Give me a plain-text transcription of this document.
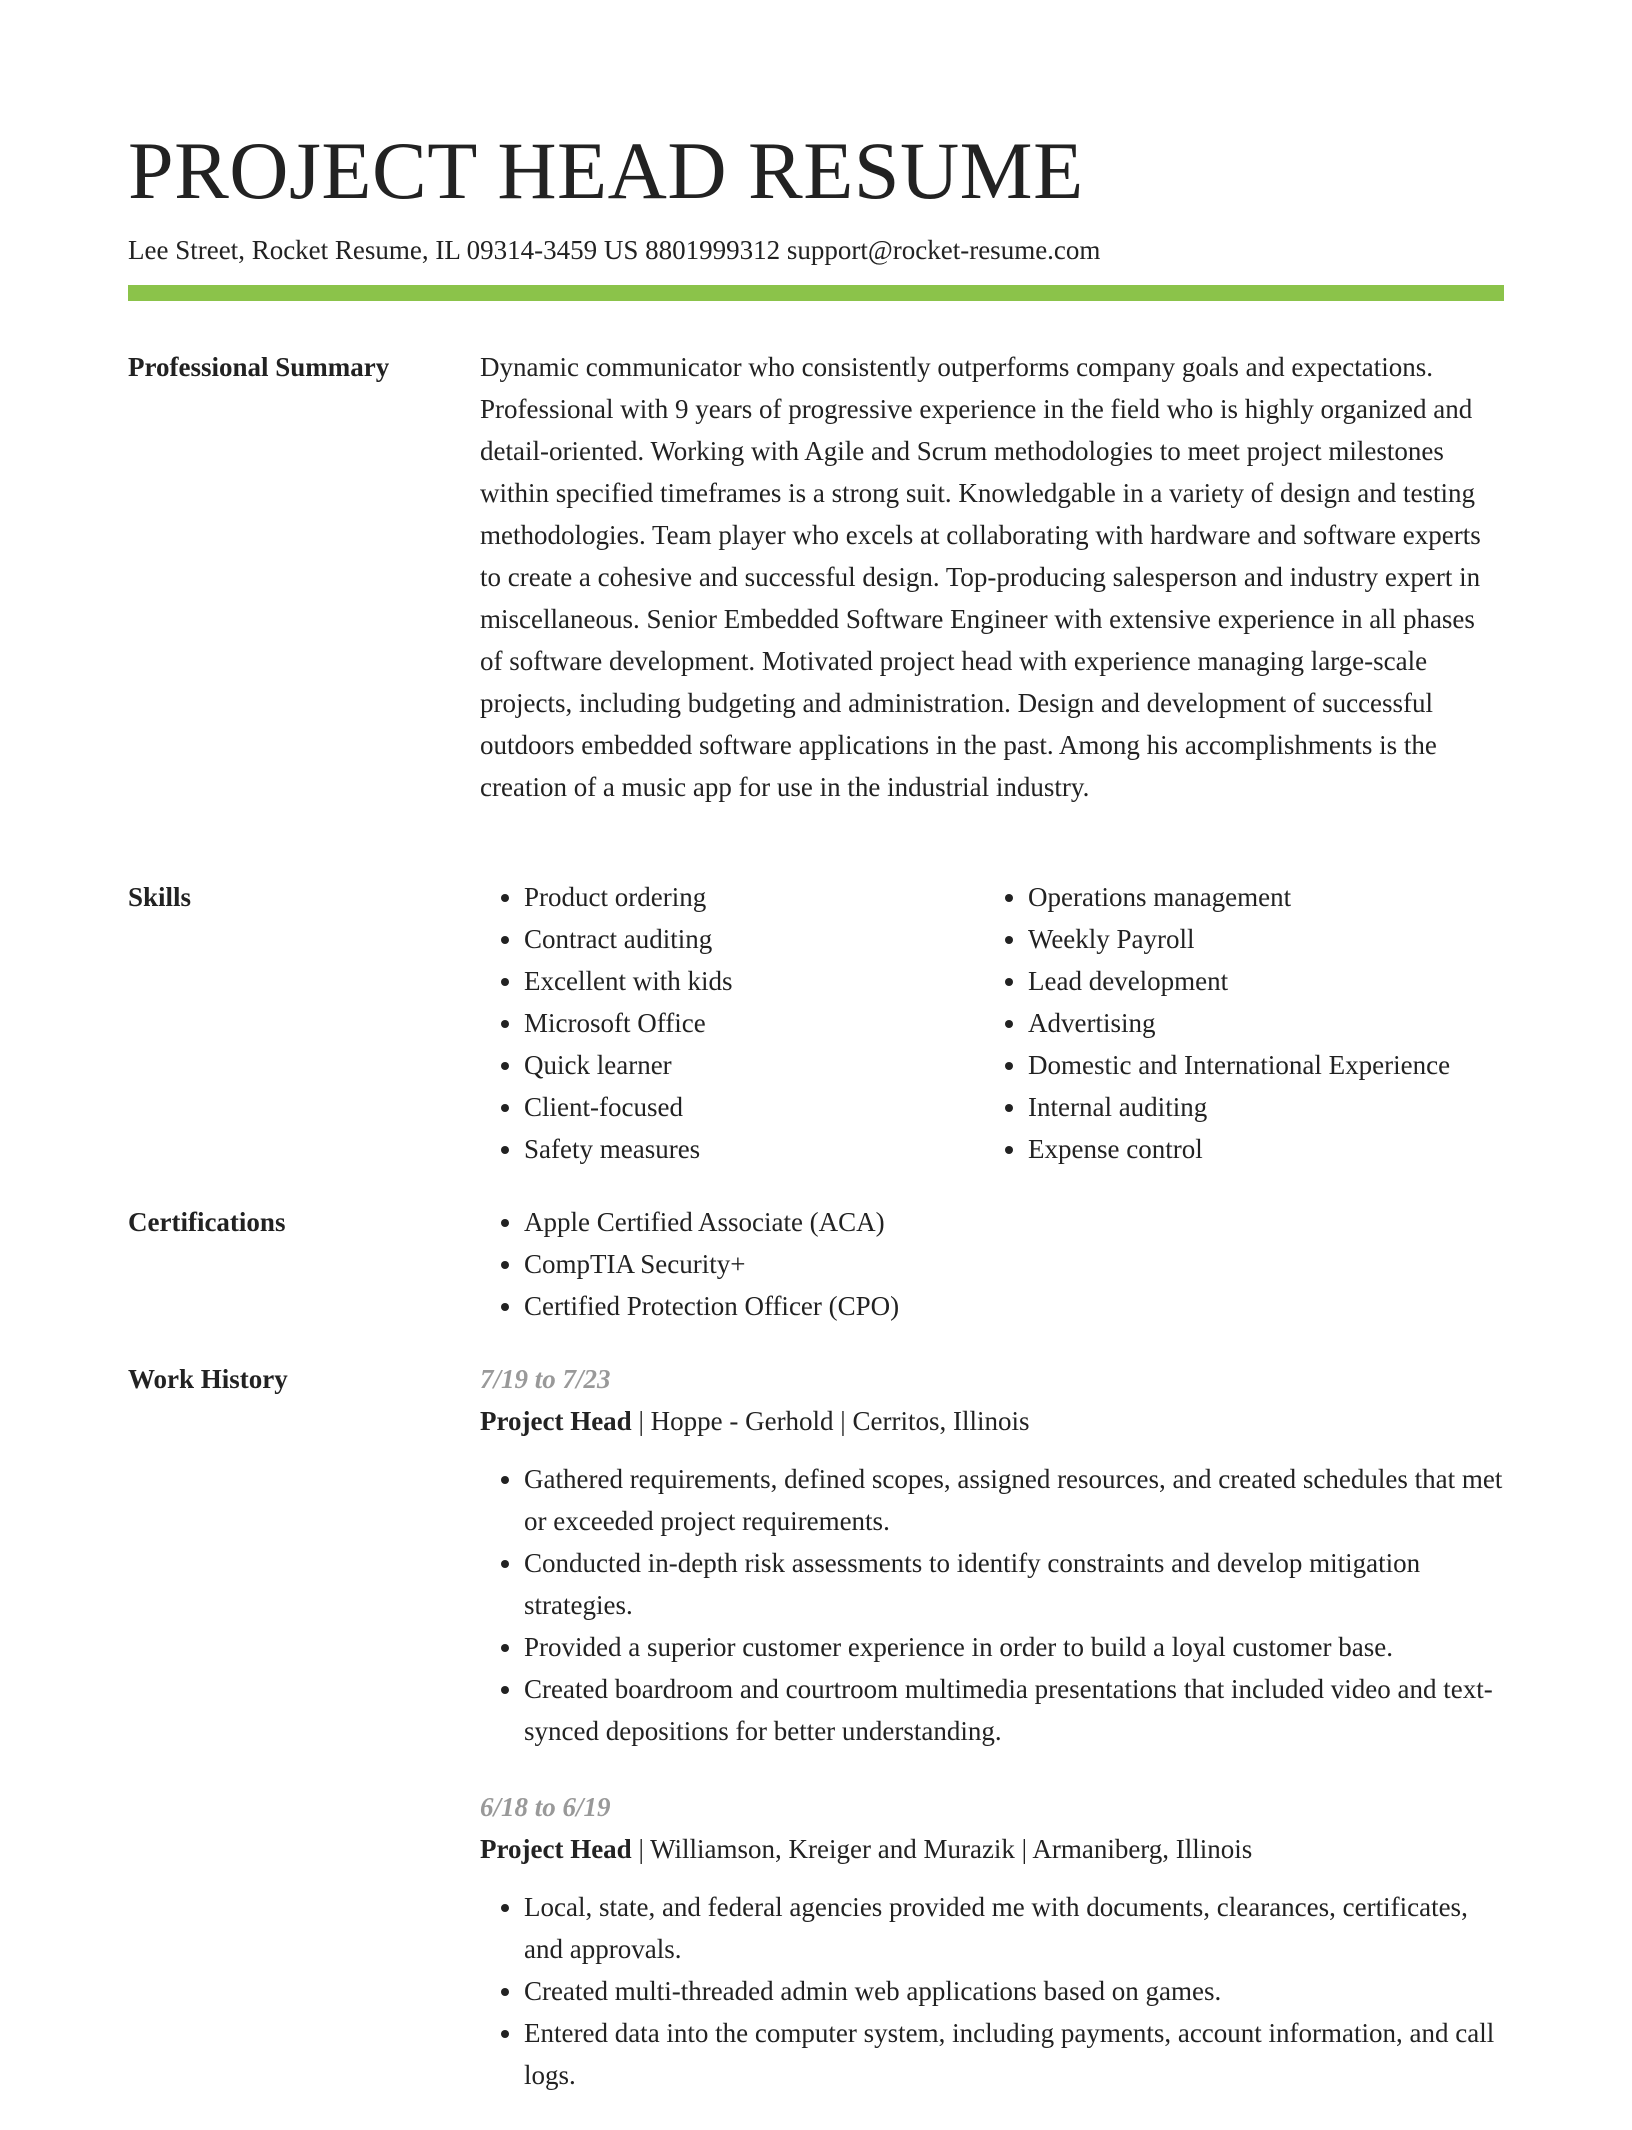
PROJECT HEAD RESUME
Lee Street, Rocket Resume, IL 09314-3459 US 8801999312 support@rocket-resume.com
Professional Summary	Dynamic communicator who consistently outperforms company goals and expectations. Professional with 9 years of progressive experience in the field who is highly organized and detail-oriented. Working with Agile and Scrum methodologies to meet project milestones within specified timeframes is a strong suit. Knowledgable in a variety of design and testing methodologies. Team player who excels at collaborating with hardware and software experts to create a cohesive and successful design. Top-producing salesperson and industry expert in miscellaneous. Senior Embedded Software Engineer with extensive experience in all phases of software development. Motivated project head with experience managing large-scale projects, including budgeting and administration. Design and development of successful outdoors embedded software applications in the past. Among his accomplishments is the creation of a music app for use in the industrial industry.

Skills	• Product ordering
• Contract auditing
• Excellent with kids
• Microsoft Office
• Quick learner
• Client-focused
• Safety measures
• Operations management
• Weekly Payroll
• Lead development
• Advertising
• Domestic and International Experience
• Internal auditing
• Expense control
Certifications	• Apple Certified Associate (ACA)
• CompTIA Security+
• Certified Protection Officer (CPO)
Work History	7/19 to 7/23
Project Head | Hoppe - Gerhold | Cerritos, Illinois
• Gathered requirements, defined scopes, assigned resources, and created schedules that met or exceeded project requirements.
• Conducted in-depth risk assessments to identify constraints and develop mitigation strategies.
• Provided a superior customer experience in order to build a loyal customer base.
• Created boardroom and courtroom multimedia presentations that included video and text-synced depositions for better understanding.
6/18 to 6/19
Project Head | Williamson, Kreiger and Murazik | Armaniberg, Illinois
• Local, state, and federal agencies provided me with documents, clearances, certificates, and approvals.
• Created multi-threaded admin web applications based on games.
• Entered data into the computer system, including payments, account information, and call logs.
